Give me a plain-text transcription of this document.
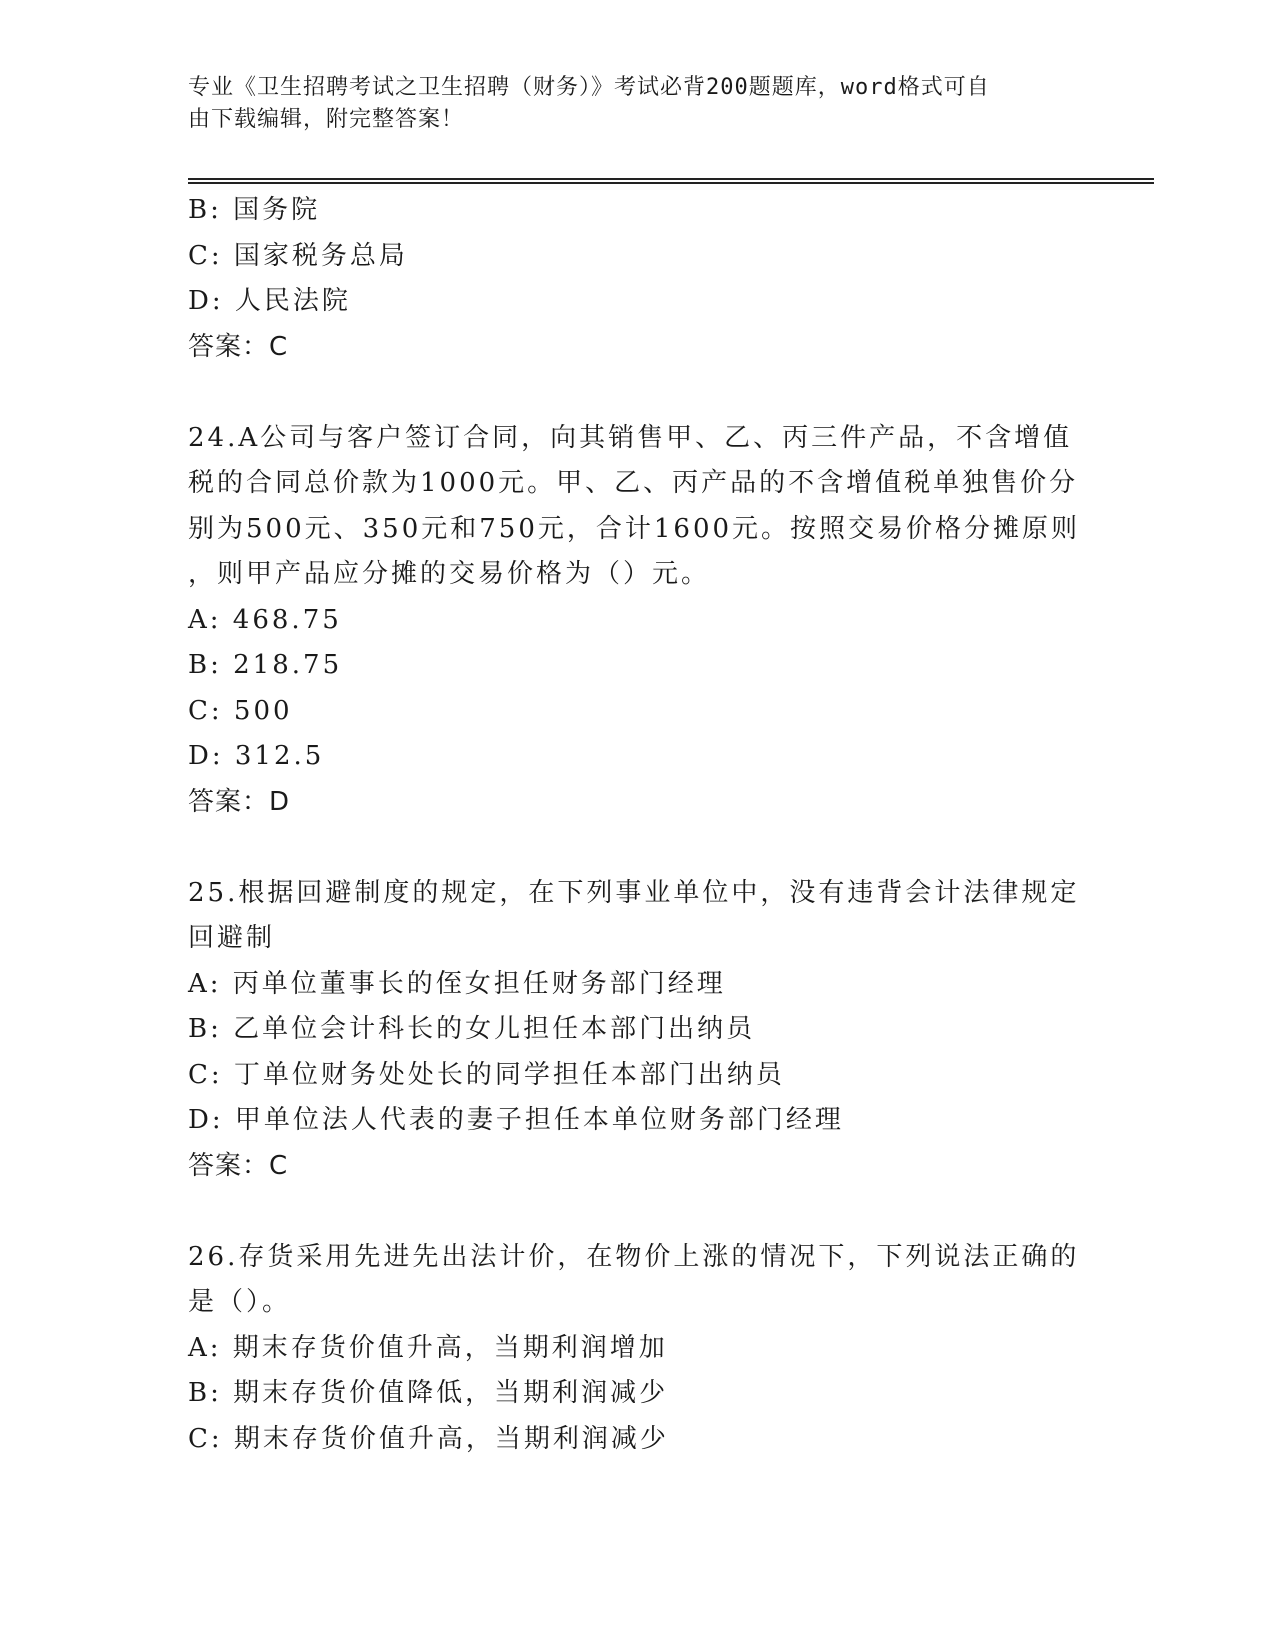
专业《卫生招聘考试之卫生招聘（财务）》考试必背200题题库，word格式可自
由下载编辑，附完整答案！
B: 国务院
C: 国家税务总局
D: 人民法院
答案：C
24.A公司与客户签订合同，向其销售甲、乙、丙三件产品，不含增值
税的合同总价款为1000元。甲、乙、丙产品的不含增值税单独售价分
别为500元、350元和750元，合计1600元。按照交易价格分摊原则
，则甲产品应分摊的交易价格为（）元。
A: 468.75
B: 218.75
C: 500
D: 312.5
答案：D
25.根据回避制度的规定，在下列事业单位中，没有违背会计法律规定
回避制
A: 丙单位董事长的侄女担任财务部门经理
B: 乙单位会计科长的女儿担任本部门出纳员
C: 丁单位财务处处长的同学担任本部门出纳员
D: 甲单位法人代表的妻子担任本单位财务部门经理
答案：C
26.存货采用先进先出法计价，在物价上涨的情况下，下列说法正确的
是（）。
A: 期末存货价值升高，当期利润增加
B: 期末存货价值降低，当期利润减少
C: 期末存货价值升高，当期利润减少
